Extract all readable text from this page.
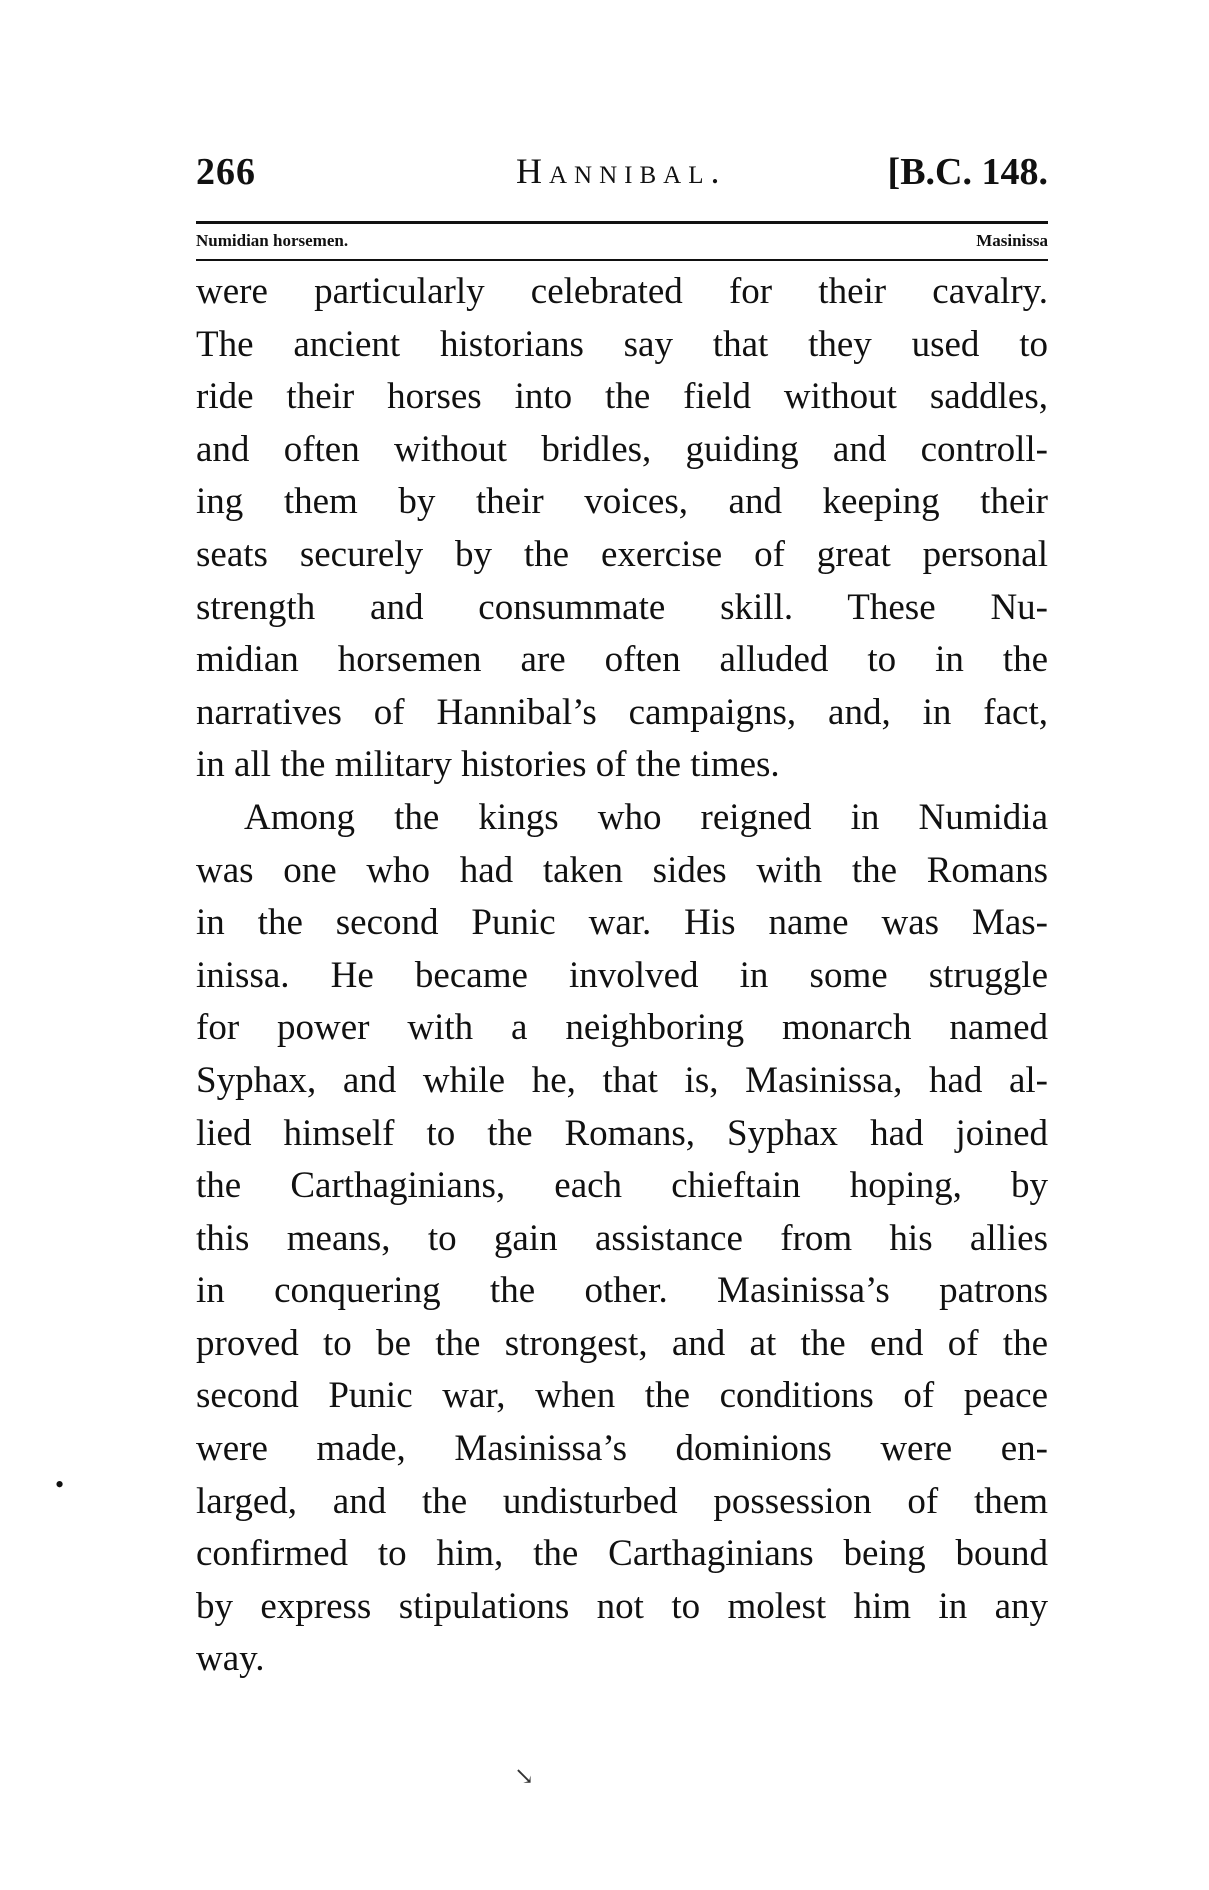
266	Hannibal.	[B.C. 148.
Numidian horsemen.	Masinissa
were particularly celebrated for their cavalry.
The ancient historians say that they used to
ride their horses into the field without saddles,
and often without bridles, guiding and controll-
ing them by their voices, and keeping their
seats securely by the exercise of great personal
strength and consummate skill. These Nu-
midian horsemen are often alluded to in the
narratives of Hannibal’s campaigns, and, in fact,
in all the military histories of the times.
Among the kings who reigned in Numidia
was one who had taken sides with the Romans
in the second Punic war. His name was Mas-
inissa. He became involved in some struggle
for power with a neighboring monarch named
Syphax, and while he, that is, Masinissa, had al-
lied himself to the Romans, Syphax had joined
the Carthaginians, each chieftain hoping, by
this means, to gain assistance from his allies
in conquering the other. Masinissa’s patrons
proved to be the strongest, and at the end of the
second Punic war, when the conditions of peace
were made, Masinissa’s dominions were en-
larged, and the undisturbed possession of them
confirmed to him, the Carthaginians being bound
by express stipulations not to molest him in any
way.
•
↘
